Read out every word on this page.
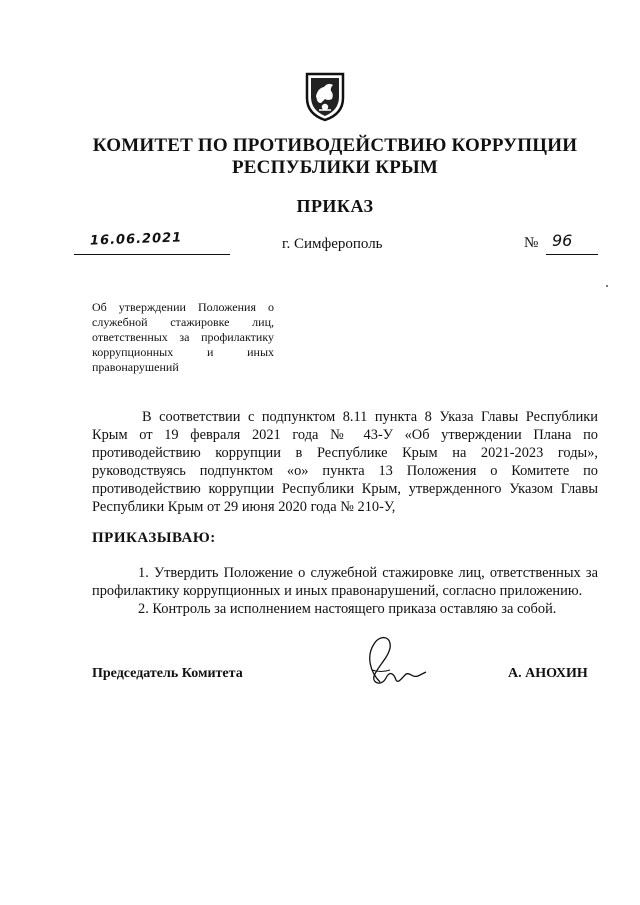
КОМИТЕТ ПО ПРОТИВОДЕЙСТВИЮ КОРРУПЦИИ
РЕСПУБЛИКИ КРЫМ
ПРИКАЗ
16.06.2021	г. Симферополь	№ 96
Об утверждении Положения о служебной стажировке лиц, ответственных за профилактику коррупционных и иных правонарушений

В соответствии с подпунктом 8.11 пункта 8 Указа Главы Республики Крым от 19 февраля 2021 года № 43-У «Об утверждении Плана по противодействию коррупции в Республике Крым на 2021-2023 годы», руководствуясь подпунктом «о» пункта 13 Положения о Комитете по противодействию коррупции Республики Крым, утвержденного Указом Главы Республики Крым от 29 июня 2020 года № 210-У,

ПРИКАЗЫВАЮ:

1. Утвердить Положение о служебной стажировке лиц, ответственных за профилактику коррупционных и иных правонарушений, согласно приложению.

2. Контроль за исполнением настоящего приказа оставляю за собой.

Председатель Комитета	А. АНОХИН
